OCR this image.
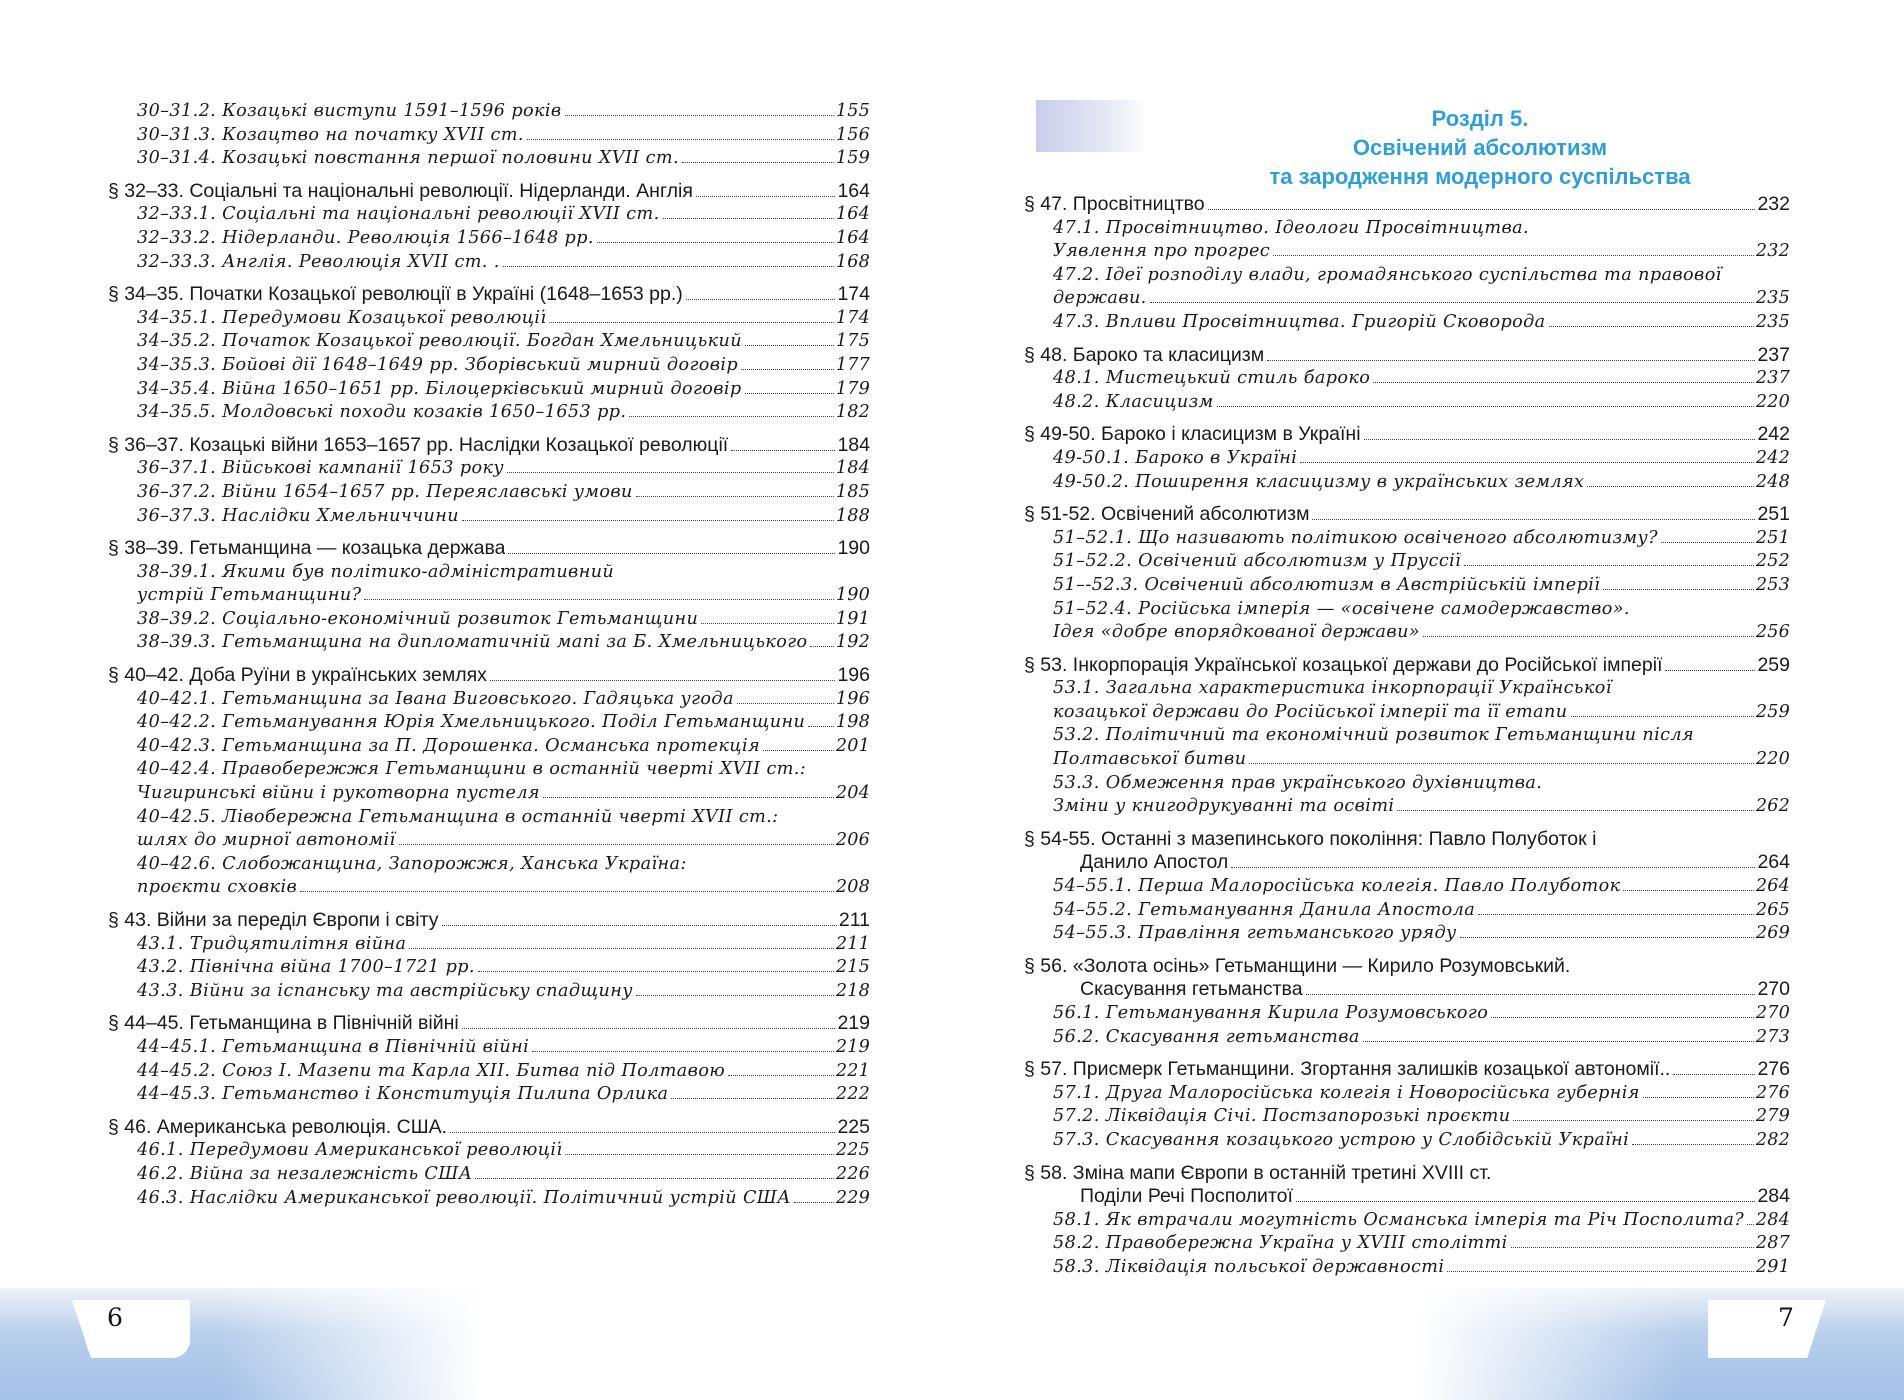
6	7
30–31.2. Козацькі виступи 1591–1596 років	155
30–31.3. Козацтво на початку XVII ст.	156
30–31.4. Козацькі повстання першої половини XVII ст.	159
§ 32–33. Соціальні та національні революції. Нідерланди. Англія	164
32–33.1. Соціальні та національні революції XVII ст.	164
32–33.2. Нідерланди. Революція 1566–1648 рр.	164
32–33.3. Англія. Революція XVII ст. .	168
§ 34–35. Початки Козацької революції в Україні (1648–1653 рр.)	174
34–35.1. Передумови Козацької революції	174
34–35.2. Початок Козацької революції. Богдан Хмельницький	175
34–35.3. Бойові дії 1648–1649 рр. Зборівський мирний договір	177
34–35.4. Війна 1650–1651 рр. Білоцерківський мирний договір	179
34–35.5. Молдовські походи козаків 1650–1653 рр.	182
§ 36–37. Козацькі війни 1653–1657 рр. Наслідки Козацької революції	184
36–37.1. Військові кампанії 1653 року	184
36–37.2. Війни 1654–1657 рр. Переяславські умови	185
36–37.3. Наслідки Хмельниччини	188
§ 38–39. Гетьманщина — козацька держава	190
38–39.1. Якими був політико-адміністративний
устрій Гетьманщини?	190
38–39.2. Соціально-економічний розвиток Гетьманщини	191
38–39.3. Гетьманщина на дипломатичній мапі за Б. Хмельницького 192
§ 40–42. Доба Руїни в українських землях	196
40–42.1. Гетьманщина за Івана Виговського. Гадяцька угода	196
40–42.2. Гетьманування Юрія Хмельницького. Поділ Гетьманщини 198
40–42.3. Гетьманщина за П. Дорошенка. Османська протекція	201
40–42.4. Правобережжя Гетьманщини в останній чверті XVII ст.:
Чигиринські війни і рукотворна пустеля	204
40–42.5. Лівобережна Гетьманщина в останній чверті XVII ст.:
шлях до мирної автономії	206
40–42.6. Слобожанщина, Запорожжя, Ханська Україна:
проєкти сховків	208
§ 43. Війни за переділ Європи і світу	211
43.1. Тридцятилітня війна	211
43.2. Північна війна 1700–1721 рр.	215
43.3. Війни за іспанську та австрійську спадщину	218
§ 44–45. Гетьманщина в Північній війні	219
44–45.1. Гетьманщина в Північній війні	219
44–45.2. Союз І. Мазепи та Карла XII. Битва під Полтавою	221
44–45.3. Гетьманство і Конституція Пилипа Орлика	222
§ 46. Американська революція. США.	225
46.1. Передумови Американської революції	225
46.2. Війна за незалежність США	226
46.3. Наслідки Американської революції. Політичний устрій США	229
Розділ 5.
Освічений абсолютизм
та зародження модерного суспільства
§ 47. Просвітництво	232
47.1. Просвітництво. Ідеологи Просвітництва.
Уявлення про прогрес	232
47.2. Ідеї розподілу влади, громадянського суспільства та правової
держави.	235
47.3. Впливи Просвітництва. Григорій Сковорода	235
§ 48. Бароко та класицизм	237
48.1. Мистецький стиль бароко	237
48.2. Класицизм	220
§ 49-50. Бароко і класицизм в Україні	242
49-50.1. Бароко в Україні	242
49-50.2. Поширення класицизму в українських землях	248
§ 51-52. Освічений абсолютизм	251
51–52.1. Що називають політикою освіченого абсолютизму?	251
51–52.2. Освічений абсолютизм у Пруссії	252
51–-52.3. Освічений абсолютизм в Австрійській імперії	253
51–52.4. Російська імперія — «освічене самодержавство».
Ідея «добре впорядкованої держави»	256
§ 53. Інкорпорація Української козацької держави до Російської імперії	259
53.1. Загальна характеристика інкорпорації Української
козацької держави до Російської імперії та її етапи	259
53.2. Політичний та економічний розвиток Гетьманщини після
Полтавської битви	220
53.3. Обмеження прав українського духівництва.
Зміни у книгодрукуванні та освіті	262
§ 54-55. Останні з мазепинського покоління: Павло Полуботок і
Данило Апостол	264
54–55.1. Перша Малоросійська колегія. Павло Полуботок	264
54–55.2. Гетьманування Данила Апостола	265
54–55.3. Правління гетьманського уряду	269
§ 56. «Золота осінь» Гетьманщини — Кирило Розумовський.
Скасування гетьманства	270
56.1. Гетьманування Кирила Розумовського	270
56.2. Скасування гетьманства	273
§ 57. Присмерк Гетьманщини. Згортання залишків козацької автономії..	276
57.1. Друга Малоросійська колегія і Новоросійська губернія	276
57.2. Ліквідація Січі. Постзапорозькі проєкти	279
57.3. Скасування козацького устрою у Слобідській Україні	282
§ 58. Зміна мапи Європи в останній третині XVIII ст.
Поділи Речі Посполитої	284
58.1. Як втрачали могутність Османська імперія та Річ Посполита? 284
58.2. Правобережна Україна у XVIII столітті	287
58.3. Ліквідація польської державності	291
